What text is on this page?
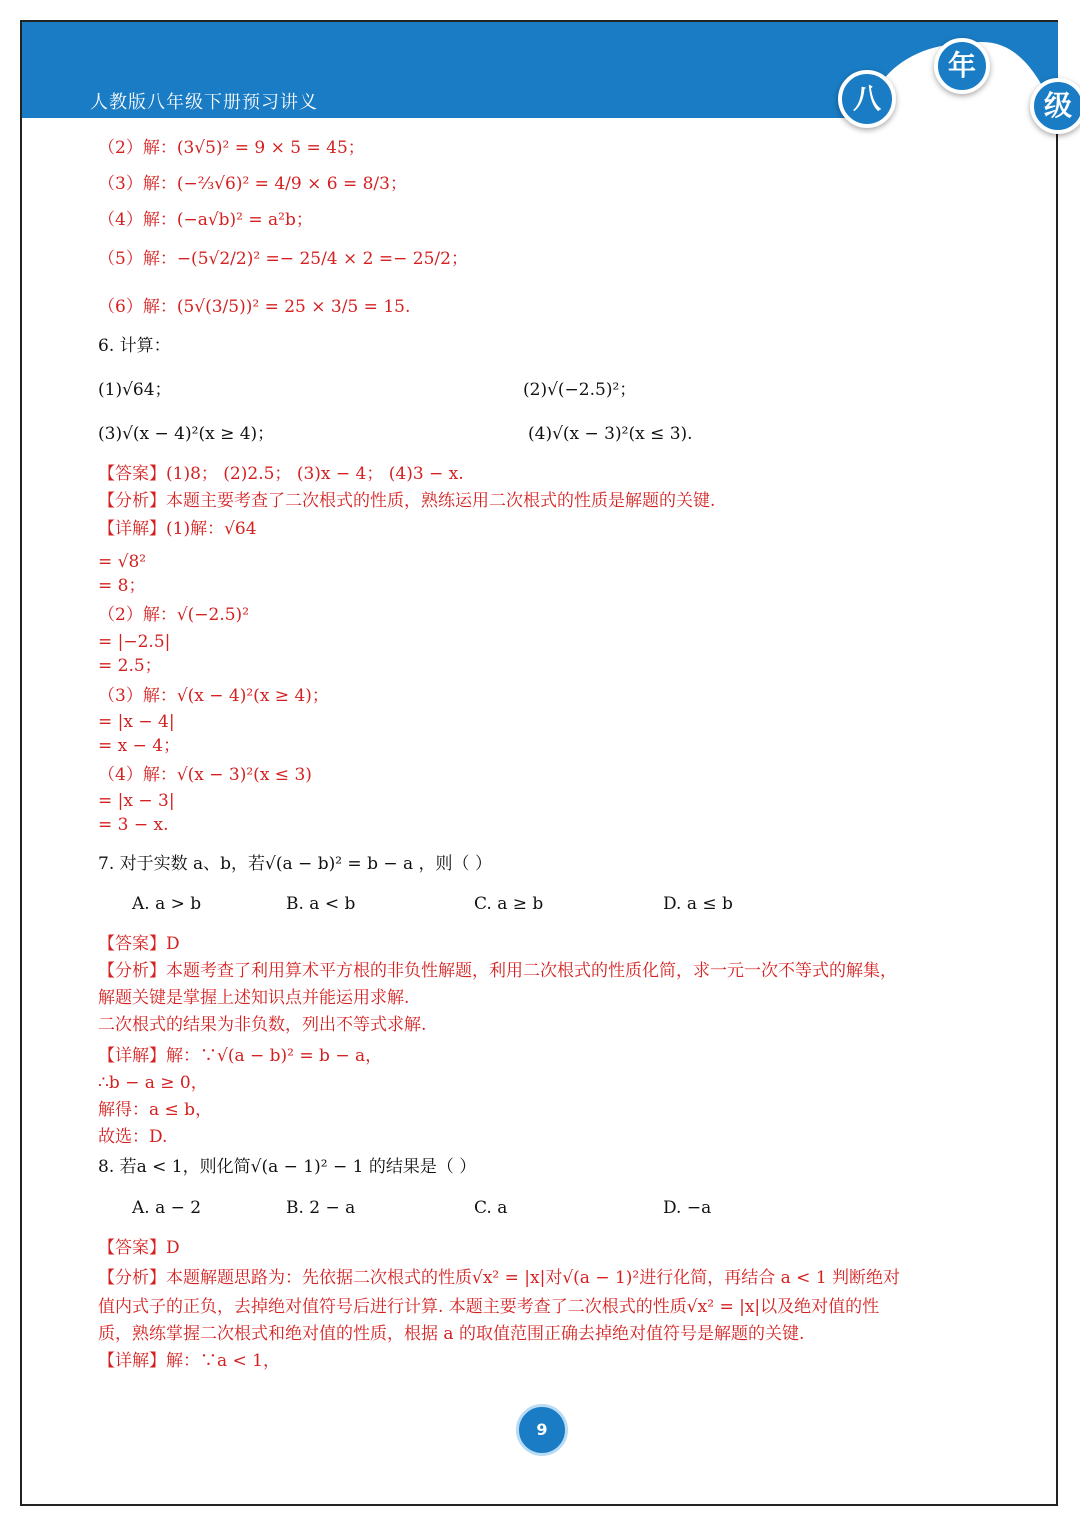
人教版八年级下册预习讲义	八
年
级
（2）解：(3√5)² = 9 × 5 = 45；
（3）解：(−⅔√6)² = 4/9 × 6 = 8/3；
（4）解：(−a√b)² = a²b；
（5）解：−(5√2/2)² =− 25/4 × 2 =− 25/2；
（6）解：(5√(3/5))² = 25 × 3/5 = 15.
6. 计算：
(1)√64；	(2)√(−2.5)²；
(3)√(x − 4)²(x ≥ 4)；	(4)√(x − 3)²(x ≤ 3).
【答案】(1)8； (2)2.5； (3)x − 4； (4)3 − x.
【分析】本题主要考查了二次根式的性质，熟练运用二次根式的性质是解题的关键.
【详解】(1)解：√64
= √8²
= 8；
（2）解：√(−2.5)²
= |−2.5|
= 2.5；
（3）解：√(x − 4)²(x ≥ 4)；
= |x − 4|
= x − 4；
（4）解：√(x − 3)²(x ≤ 3)
= |x − 3|
= 3 − x.
7. 对于实数 a、b，若√(a − b)² = b − a ，则（ ）
A. a > b	B. a < b	C. a ≥ b	D. a ≤ b
【答案】D
【分析】本题考查了利用算术平方根的非负性解题，利用二次根式的性质化简，求一元一次不等式的解集，
解题关键是掌握上述知识点并能运用求解.
二次根式的结果为非负数，列出不等式求解.
【详解】解：∵√(a − b)² = b − a，
∴b − a ≥ 0，
解得：a ≤ b，
故选：D.
8. 若a < 1，则化简√(a − 1)² − 1 的结果是（ ）
A. a − 2	B. 2 − a	C. a	D. −a
【答案】D
【分析】本题解题思路为：先依据二次根式的性质√x² = |x|对√(a − 1)²进行化简，再结合 a < 1 判断绝对
值内式子的正负，去掉绝对值符号后进行计算. 本题主要考查了二次根式的性质√x² = |x|以及绝对值的性
质，熟练掌握二次根式和绝对值的性质，根据 a 的取值范围正确去掉绝对值符号是解题的关键.
【详解】解：∵a < 1，
9
